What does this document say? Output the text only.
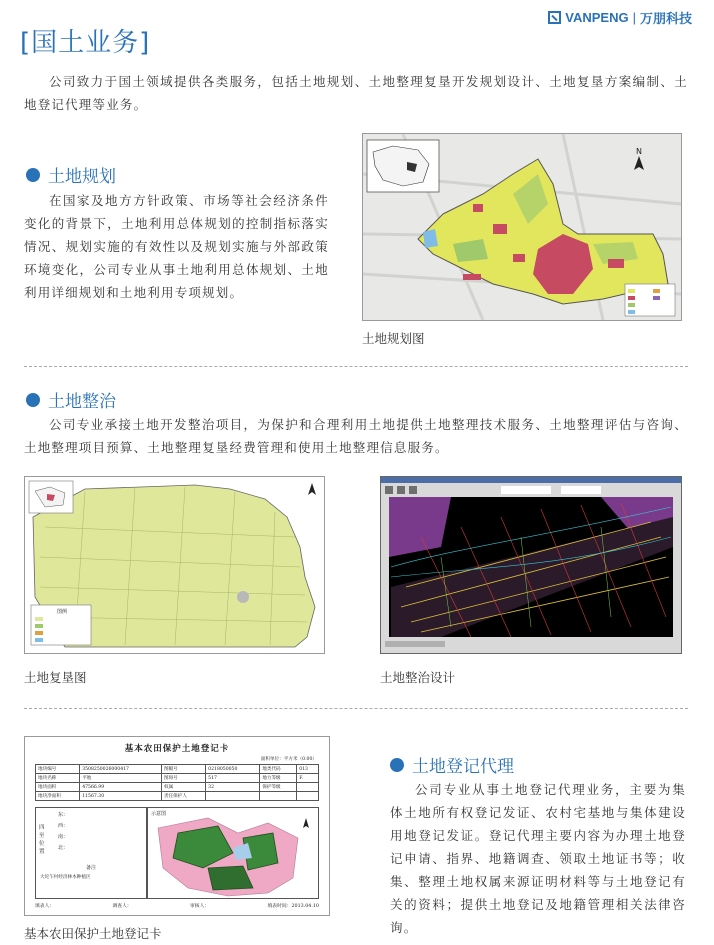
VANPENG | 万朋科技
[国土业务]
公司致力于国土领域提供各类服务，包括土地规划、土地整理复垦开发规划设计、土地复垦方案编制、土地登记代理等业务。
土地规划
在国家及地方方针政策、市场等社会经济条件变化的背景下，土地利用总体规划的控制指标落实情况、规划实施的有效性以及规划实施与外部政策环境变化，公司专业从事土地利用总体规划、土地利用详细规划和土地利用专项规划。
N
土地规划图
土地整治
公司专业承接土地开发整治项目，为保护和合理利用土地提供土地整理技术服务、土地整理评估与咨询、土地整理项目预算、土地整理复垦经费管理和使用土地整理信息服务。
图例
土地复垦图	土地整治设计
基本农田保护土地登记卡
面积单位：平方米（0.00）
地块编号	3508250026000417	图幅号	0218050050	地类代码	013
地块名称	平地	图斑号	517	地力等级	F.
地块面积	47566.99	权属	32	保护等级	
地块净面积	11567.30	责任保护人			
四至位置
东：
西：
南：
北：
备注
大坨乍村经济林木种植区
示意图
填表人：	调查人：	审核人：	填表时间：2013.04.10
基本农田保护土地登记卡
土地登记代理
公司专业从事土地登记代理业务，主要为集体土地所有权登记发证、农村宅基地与集体建设用地登记发证。登记代理主要内容为办理土地登记申请、指界、地籍调查、领取土地证书等；收集、整理土地权属来源证明材料等与土地登记有关的资料；提供土地登记及地籍管理相关法律咨询。
